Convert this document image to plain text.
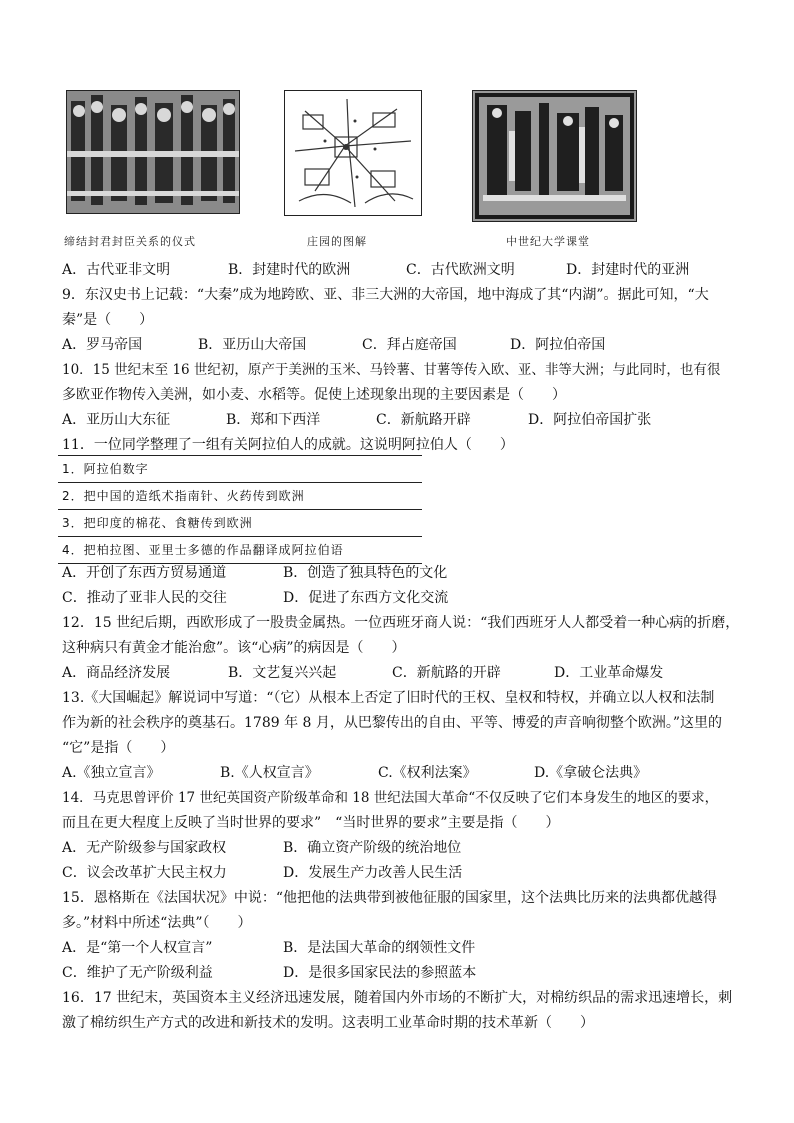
缔结封君封臣关系的仪式	庄园的图解	中世纪大学课堂
A．古代亚非文明	B．封建时代的欧洲	C．古代欧洲文明	D．封建时代的亚洲
9．东汉史书上记载：“大秦”成为地跨欧、亚、非三大洲的大帝国，地中海成了其“内湖”。据此可知，“大
秦”是（　　）
A．罗马帝国	B．亚历山大帝国	C．拜占庭帝国	D．阿拉伯帝国
10．15 世纪末至 16 世纪初，原产于美洲的玉米、马铃薯、甘薯等传入欧、亚、非等大洲；与此同时，也有很
多欧亚作物传入美洲，如小麦、水稻等。促使上述现象出现的主要因素是（　　）
A．亚历山大东征	B．郑和下西洋	C．新航路开辟	D．阿拉伯帝国扩张
11．一位同学整理了一组有关阿拉伯人的成就。这说明阿拉伯人（　　）
1．阿拉伯数字
2．把中国的造纸术指南针、火药传到欧洲
3．把印度的棉花、食糖传到欧洲
4．把柏拉图、亚里士多德的作品翻译成阿拉伯语
A．开创了东西方贸易通道	B．创造了独具特色的文化
C．推动了亚非人民的交往	D．促进了东西方文化交流
12．15 世纪后期，西欧形成了一股贵金属热。一位西班牙商人说：“我们西班牙人人都受着一种心病的折磨，
这种病只有黄金才能治愈”。该“心病”的病因是（　　）
A．商品经济发展	B．文艺复兴兴起	C．新航路的开辟	D．工业革命爆发
13.《大国崛起》解说词中写道：“（它）从根本上否定了旧时代的王权、皇权和特权，并确立以人权和法制
作为新的社会秩序的奠基石。1789 年 8 月，从巴黎传出的自由、平等、博爱的声音响彻整个欧洲。”这里的
“它”是指（　　）
A.《独立宣言》	B.《人权宣言》	C.《权利法案》	D.《拿破仑法典》
14．马克思曾评价 17 世纪英国资产阶级革命和 18 世纪法国大革命“不仅反映了它们本身发生的地区的要求，
而且在更大程度上反映了当时世界的要求”　“当时世界的要求”主要是指（　　）
A．无产阶级参与国家政权	B．确立资产阶级的统治地位
C．议会改革扩大民主权力	D．发展生产力改善人民生活
15．恩格斯在《法国状况》中说：“他把他的法典带到被他征服的国家里，这个法典比历来的法典都优越得
多。”材料中所述“法典”（　　）
A．是“第一个人权宣言”	B．是法国大革命的纲领性文件
C．维护了无产阶级利益	D．是很多国家民法的参照蓝本
16．17 世纪末，英国资本主义经济迅速发展，随着国内外市场的不断扩大，对棉纺织品的需求迅速增长，刺
激了棉纺织生产方式的改进和新技术的发明。这表明工业革命时期的技术革新（　　）
